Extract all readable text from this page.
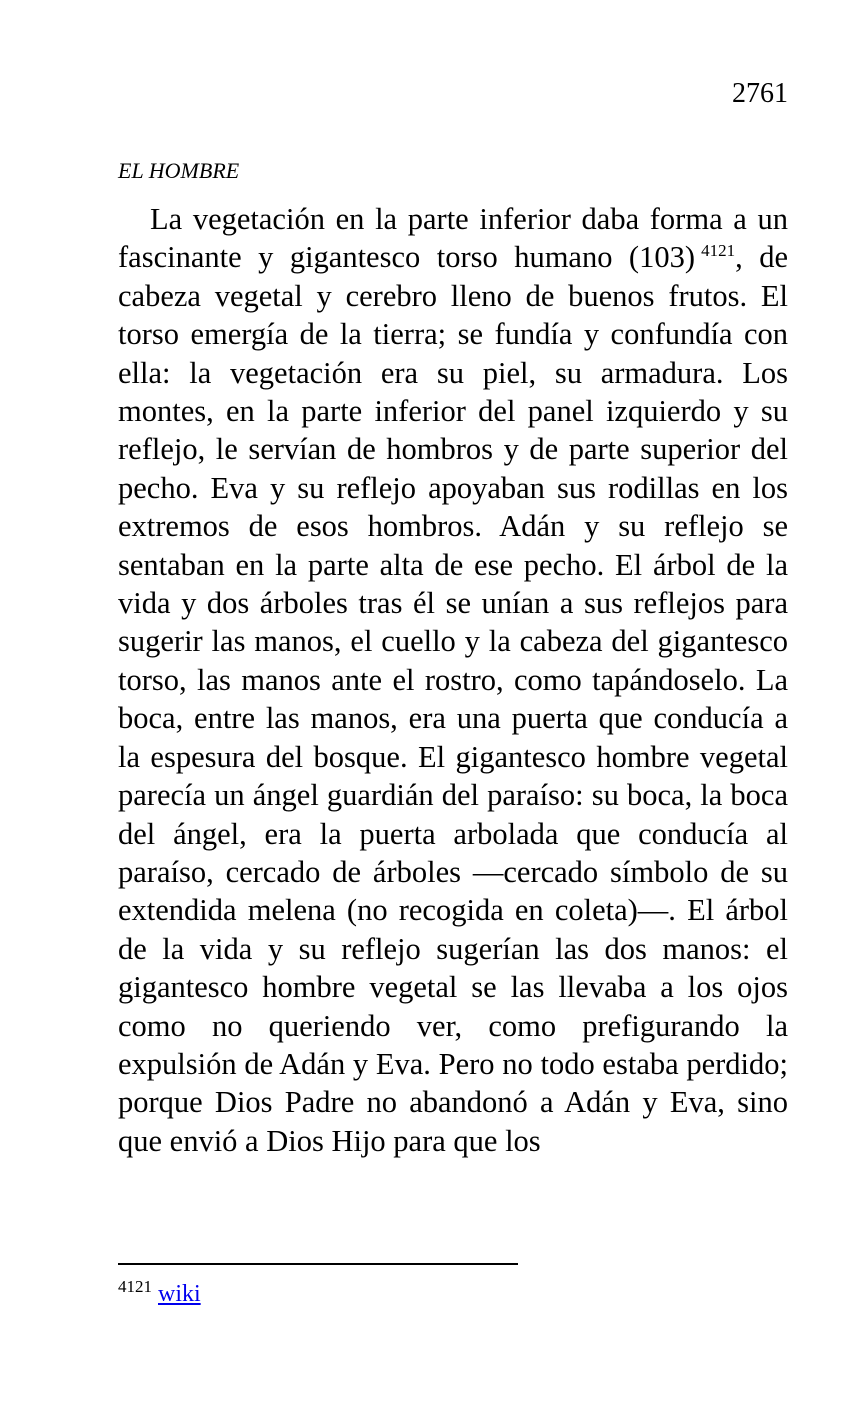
2761
EL HOMBRE

La vegetación en la parte inferior daba forma a un fascinante y gigantesco torso humano (103)  $^{4121}$, de cabeza vegetal y cerebro lleno de buenos frutos. El torso emergía de la tierra; se fundía y confundía con ella: la vegetación era su piel, su armadura. Los montes, en la parte inferior del panel izquierdo y su reflejo, le servían de hombros y de parte superior del pecho. Eva y su reflejo apoyaban sus rodillas en los extremos de esos hombros. Adán y su reflejo se sentaban en la parte alta de ese pecho. El árbol de la vida y dos árboles tras él se unían a sus reflejos para sugerir las manos, el cuello y la cabeza del gigantesco torso, las manos ante el rostro, como tapándoselo. La boca, entre las manos, era una puerta que conducía a la espesura del bosque. El gigantesco hombre vegetal parecía un ángel guardián del paraíso: su boca, la boca del ángel, era la puerta arbolada que conducía al paraíso, cercado de árboles —cercado símbolo de su extendida melena (no recogida en coleta)—. El árbol de la vida y su reflejo sugerían las dos manos: el gigantesco hombre vegetal se las llevaba a los ojos como no queriendo ver, como prefigurando la expulsión de Adán y Eva. Pero no todo estaba perdido; porque Dios Padre no abandonó a Adán y Eva, sino que envió a Dios Hijo para que los

$^{4121}$ wiki
